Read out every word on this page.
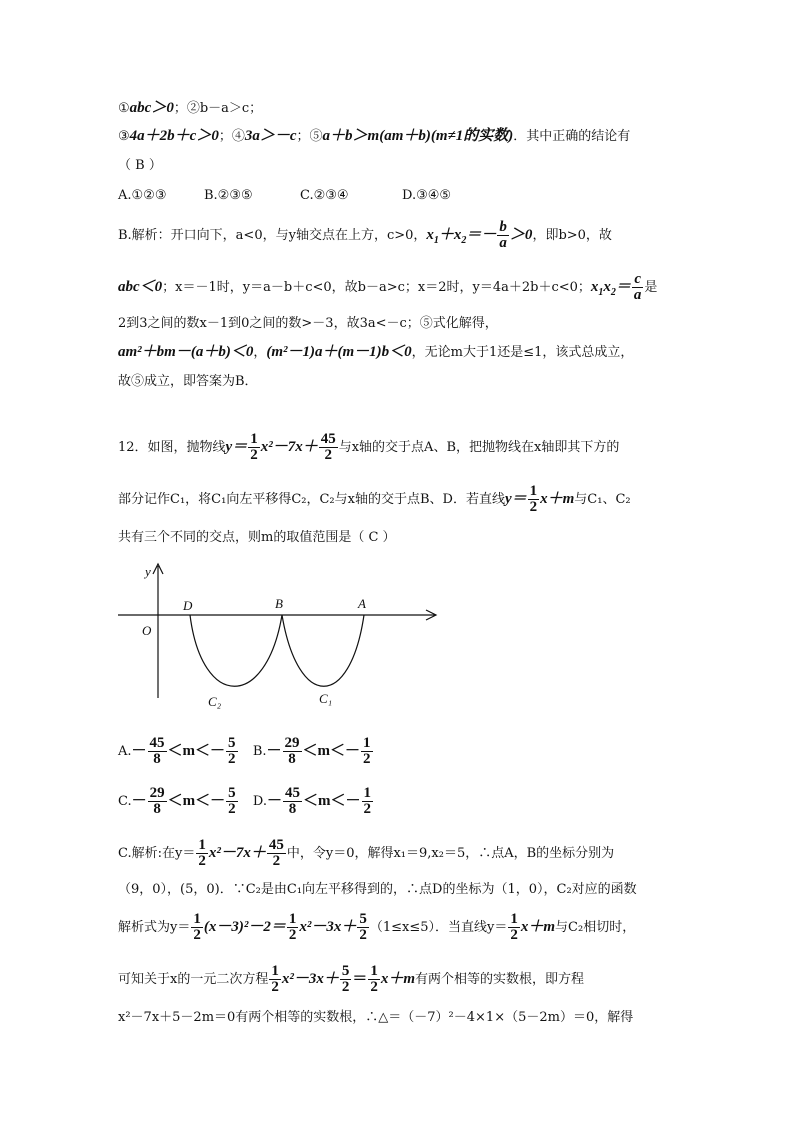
①abc＞0；②b－a＞c；
③4a＋2b＋c＞0；④3a＞－c；⑤a＋b＞m(am＋b)(m≠1的实数)．其中正确的结论有
（ B ）
A.①②③	B.②③⑤	C.②③④	D.③④⑤
B.解析：开口向下，a<0，与y轴交点在上方，c>0，$x_1+x_2=- \frac{b}{a} >0$，即b>0，故
abc＜0；x＝－1时，y＝a－b＋c<0，故b－a>c；x＝2时，y＝4a＋2b＋c<0；$x_1x_2= \frac{c}{a}$ 是
2到3之间的数x－1到0之间的数>－3，故3a<－c；⑤式化解得，
am²＋bm－(a＋b)＜0，(m²－1)a＋(m－1)b＜0，无论m大于1还是≤1，该式总成立，
故⑤成立，即答案为B．
12．如图，抛物线$y= \frac{1}{2} x^2-7x+ \frac{45}{2}$ 与x轴的交于点A、B，把抛物线在x轴即其下方的
部分记作C₁，将C₁向左平移得C₂，C₂与x轴的交于点B、D．若直线$y= \frac{1}{2} x+m$与C₁、C₂
共有三个不同的交点，则m的取值范围是（ C ）
y
O
D	B	A
C₂	C₁
$A.- \frac{45}{8} <m<- \frac{5}{2} B.- \frac{29}{8} <m<- \frac{1}{2}$
$C.- \frac{29}{8} <m<- \frac{5}{2} D.- \frac{45}{8} <m<- \frac{1}{2}$
C.解析:在$y= \frac{1}{2} x^2-7x+ \frac{45}{2}$ 中，令y＝0，解得x₁＝9,x₂＝5，∴点A，B的坐标分别为
（9，0），(5，0)．∵C₂是由C₁向左平移得到的，∴点D的坐标为（1，0），C₂对应的函数
解析式为$y= \frac{1}{2} (x-3)^2-2= \frac{1}{2} x^2-3x+ \frac{5}{2} (1\le x\le 5)$．当直线$y= \frac{1}{2} x+m$与C₂相切时，
可知关于x的一元二次方程 $\frac{1}{2} x^2-3x+ \frac{5}{2} = \frac{1}{2} x+m$有两个相等的实数根，即方程
x²－7x＋5－2m＝0有两个相等的实数根，∴△＝（－7）²－4×1×（5－2m）＝0，解得
